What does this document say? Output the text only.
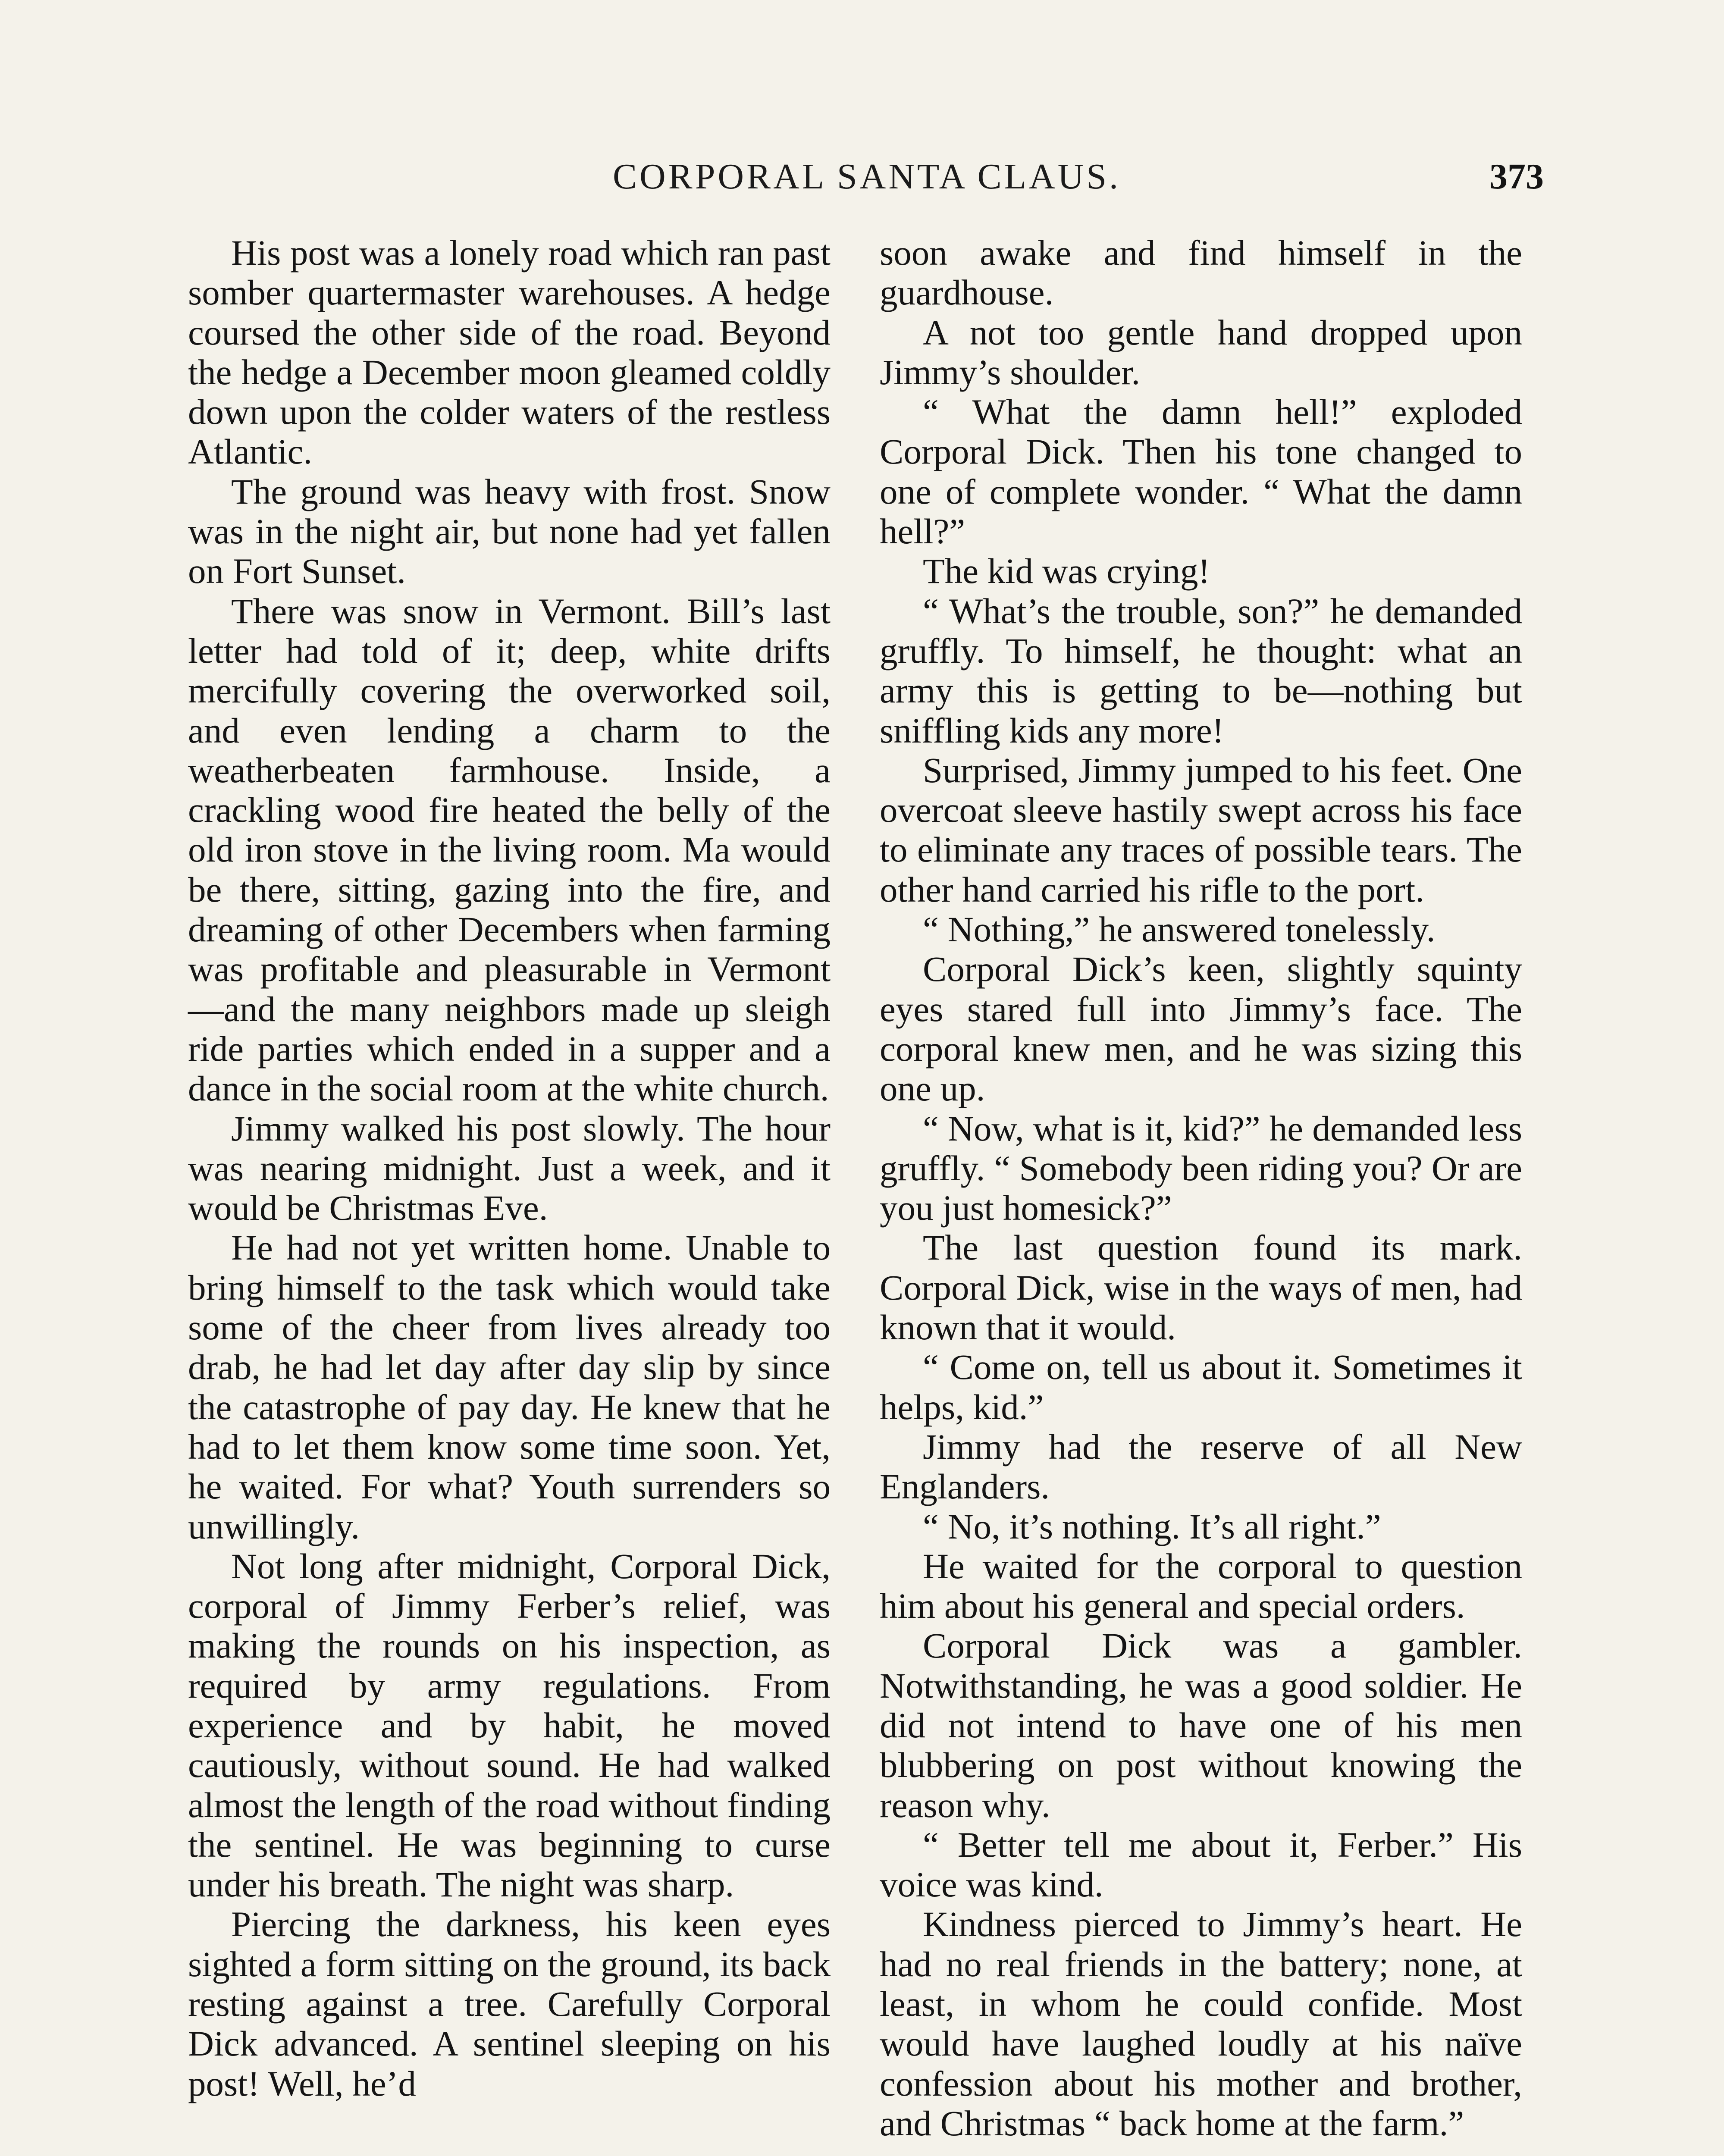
CORPORAL SANTA CLAUS.	373

His post was a lonely road which ran past somber quartermaster warehouses. A hedge coursed the other side of the road. Beyond the hedge a December moon gleamed coldly down upon the colder waters of the restless Atlantic.

The ground was heavy with frost. Snow was in the night air, but none had yet fallen on Fort Sunset.

There was snow in Vermont. Bill’s last letter had told of it; deep, white drifts mercifully covering the overworked soil, and even lending a charm to the weatherbeaten farmhouse. Inside, a crackling wood fire heated the belly of the old iron stove in the living room. Ma would be there, sitting, gazing into the fire, and dreaming of other Decembers when farming was profitable and pleasurable in Vermont —and the many neighbors made up sleigh ride parties which ended in a supper and a dance in the social room at the white church.

Jimmy walked his post slowly. The hour was nearing midnight. Just a week, and it would be Christmas Eve.

He had not yet written home. Unable to bring himself to the task which would take some of the cheer from lives already too drab, he had let day after day slip by since the catastrophe of pay day. He knew that he had to let them know some time soon. Yet, he waited. For what? Youth surrenders so unwillingly.

Not long after midnight, Corporal Dick, corporal of Jimmy Ferber’s relief, was making the rounds on his inspection, as required by army regulations. From experience and by habit, he moved cautiously, without sound. He had walked almost the length of the road without finding the sentinel. He was beginning to curse under his breath. The night was sharp.

Piercing the darkness, his keen eyes sighted a form sitting on the ground, its back resting against a tree. Carefully Corporal Dick advanced. A sentinel sleeping on his post! Well, he’d

soon awake and find himself in the guardhouse.

A not too gentle hand dropped upon Jimmy’s shoulder.

“ What the damn hell!” exploded Corporal Dick. Then his tone changed to one of complete wonder. “ What the damn hell?”

The kid was crying!

“ What’s the trouble, son?” he demanded gruffly. To himself, he thought: what an army this is getting to be—nothing but sniffling kids any more!

Surprised, Jimmy jumped to his feet. One overcoat sleeve hastily swept across his face to eliminate any traces of possible tears. The other hand carried his rifle to the port.

“ Nothing,” he answered tonelessly.

Corporal Dick’s keen, slightly squinty eyes stared full into Jimmy’s face. The corporal knew men, and he was sizing this one up.

“ Now, what is it, kid?” he demanded less gruffly. “ Somebody been riding you? Or are you just homesick?”

The last question found its mark. Corporal Dick, wise in the ways of men, had known that it would.

“ Come on, tell us about it. Sometimes it helps, kid.”

Jimmy had the reserve of all New Englanders.

“ No, it’s nothing. It’s all right.”

He waited for the corporal to question him about his general and special orders.

Corporal Dick was a gambler. Notwithstanding, he was a good soldier. He did not intend to have one of his men blubbering on post without knowing the reason why.

“ Better tell me about it, Ferber.” His voice was kind.

Kindness pierced to Jimmy’s heart. He had no real friends in the battery; none, at least, in whom he could confide. Most would have laughed loudly at his naïve confession about his mother and brother, and Christmas “ back home at the farm.”
